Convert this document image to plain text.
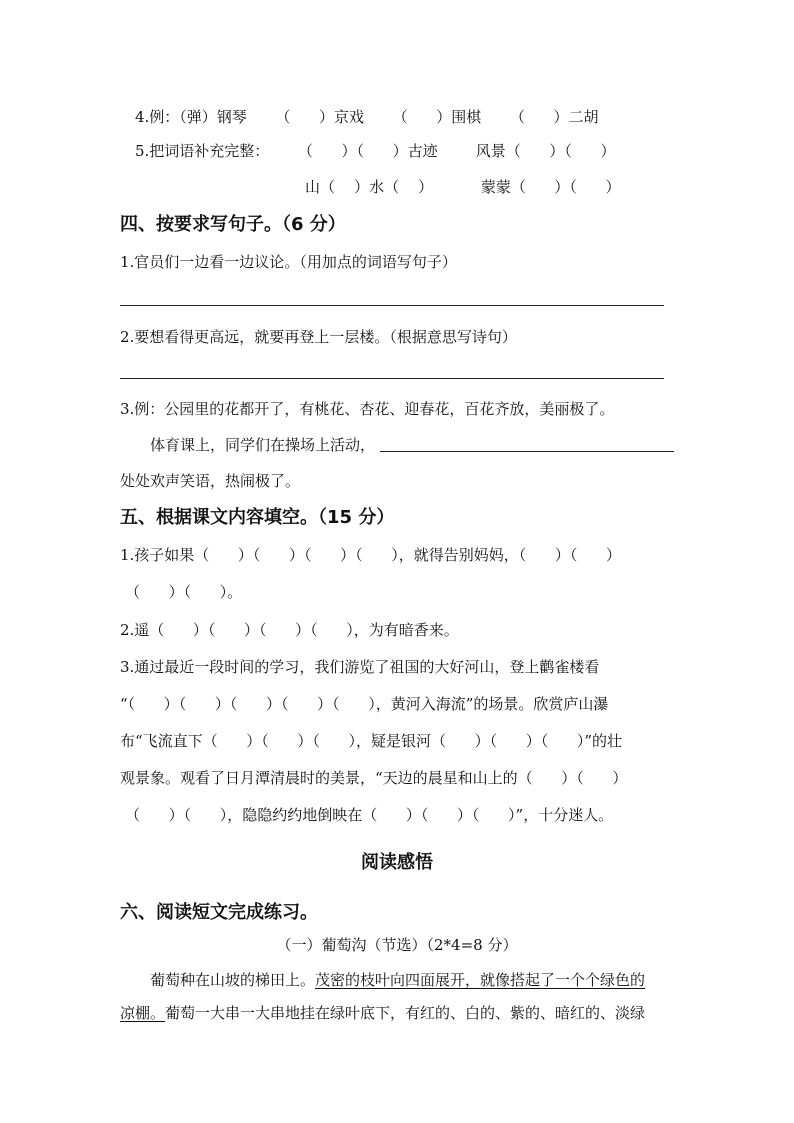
4.例：（弹）钢琴      （      ）京戏      （      ）围棋      （      ）二胡
5.把词语补充完整：      （      ）（      ）古迹        风景（      ）（      ）
山（    ）水（    ）          蒙蒙（      ）（      ）
四、按要求写句子。（6 分）
1.官员们一边看一边议论。（用加点的词语写句子）
2.要想看得更高远，就要再登上一层楼。（根据意思写诗句）
3.例：公园里的花都开了，有桃花、杏花、迎春花，百花齐放，美丽极了。
体育课上，同学们在操场上活动，
处处欢声笑语，热闹极了。
五、根据课文内容填空。（15 分）
1.孩子如果（      ）（      ）（      ）（      ），就得告别妈妈，（      ）（      ）
（      ）（      ）。
2.遥（      ）（      ）（      ）（      ），为有暗香来。
3.通过最近一段时间的学习，我们游览了祖国的大好河山，登上鹳雀楼看
“（      ）（      ）（      ）（      ）（      ），黄河入海流”的场景。欣赏庐山瀑
布“飞流直下（      ）（      ）（      ），疑是银河（      ）（      ）（      ）”的壮
观景象。观看了日月潭清晨时的美景，“天边的晨星和山上的（      ）（      ）
（      ）（      ），隐隐约约地倒映在（      ）（      ）（      ）”，十分迷人。
阅读感悟
六、阅读短文完成练习。
（一）葡萄沟（节选）（2*4=8 分）
葡萄种在山坡的梯田上。茂密的枝叶向四面展开，就像搭起了一个个绿色的
凉棚。葡萄一大串一大串地挂在绿叶底下，有红的、白的、紫的、暗红的、淡绿
